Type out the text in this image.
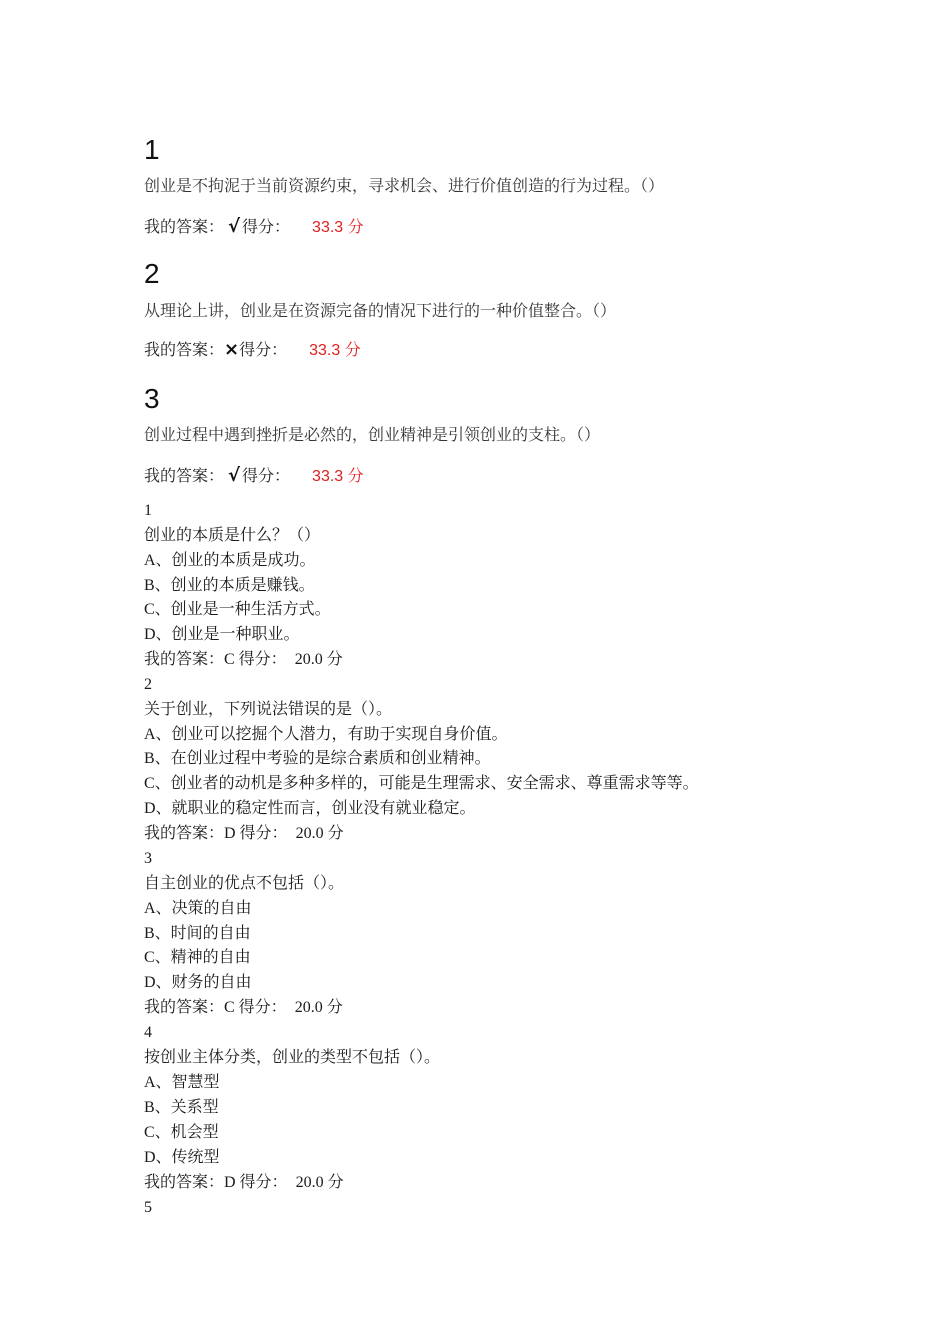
1
创业是不拘泥于当前资源约束，寻求机会、进行价值创造的行为过程。（）
我的答案： √ 得分： 33.3 分
2
从理论上讲，创业是在资源完备的情况下进行的一种价值整合。（）
我的答案：×得分： 33.3 分
3
创业过程中遇到挫折是必然的，创业精神是引领创业的支柱。（）
我的答案： √ 得分： 33.3 分
1
创业的本质是什么？（）
A、创业的本质是成功。
B、创业的本质是赚钱。
C、创业是一种生活方式。
D、创业是一种职业。
我的答案：C 得分： 20.0 分
2
关于创业，下列说法错误的是（）。
A、创业可以挖掘个人潜力，有助于实现自身价值。
B、在创业过程中考验的是综合素质和创业精神。
C、创业者的动机是多种多样的，可能是生理需求、安全需求、尊重需求等等。
D、就职业的稳定性而言，创业没有就业稳定。
我的答案：D 得分： 20.0 分
3
自主创业的优点不包括（）。
A、决策的自由
B、时间的自由
C、精神的自由
D、财务的自由
我的答案：C 得分： 20.0 分
4
按创业主体分类，创业的类型不包括（）。
A、智慧型
B、关系型
C、机会型
D、传统型
我的答案：D 得分： 20.0 分
5
